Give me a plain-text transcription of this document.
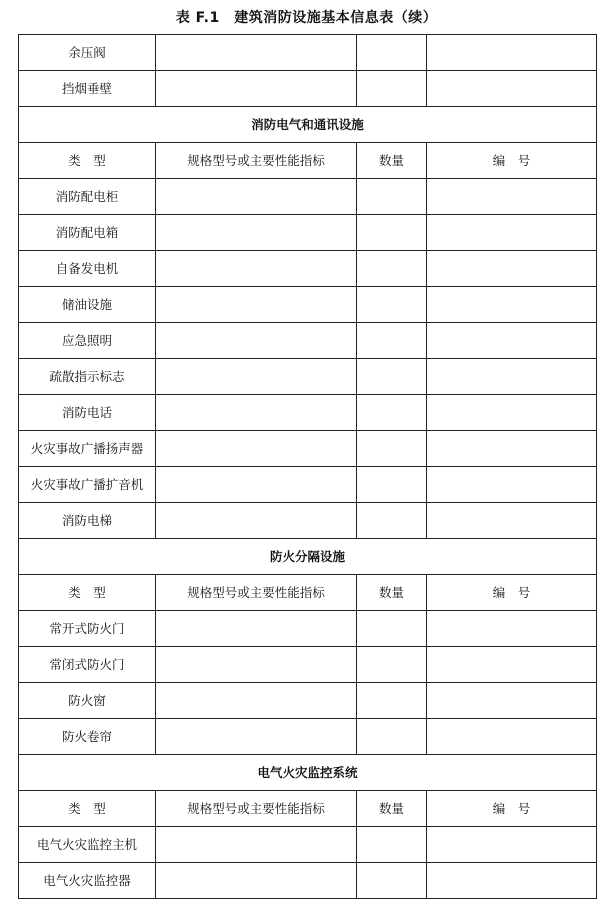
表 F.1　建筑消防设施基本信息表（续）
余压阀			
挡烟垂壁			
消防电气和通讯设施			
类　型	规格型号或主要性能指标	数量	编　号
消防配电柜			
消防配电箱			
自备发电机			
储油设施			
应急照明			
疏散指示标志			
消防电话			
火灾事故广播扬声器			
火灾事故广播扩音机			
消防电梯			
防火分隔设施			
类　型	规格型号或主要性能指标	数量	编　号
常开式防火门			
常闭式防火门			
防火窗			
防火卷帘			
电气火灾监控系统			
类　型	规格型号或主要性能指标	数量	编　号
电气火灾监控主机			
电气火灾监控器			
